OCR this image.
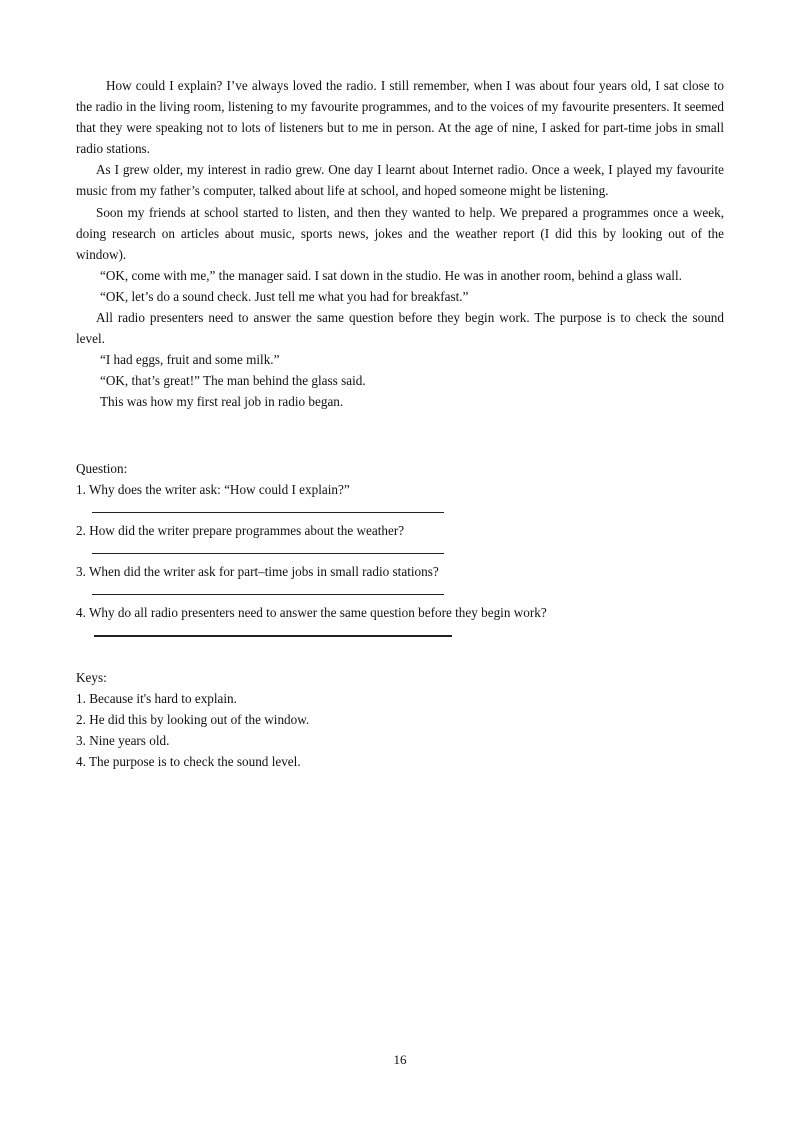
How could I explain? I’ve always loved the radio. I still remember, when I was about four years old, I sat close to the radio in the living room, listening to my favourite programmes, and to the voices of my favourite presenters. It seemed that they were speaking not to lots of listeners but to me in person. At the age of nine, I asked for part-time jobs in small radio stations.

As I grew older, my interest in radio grew. One day I learnt about Internet radio. Once a week, I played my favourite music from my father’s computer, talked about life at school, and hoped someone might be listening.

Soon my friends at school started to listen, and then they wanted to help. We prepared a programmes once a week, doing research on articles about music, sports news, jokes and the weather report (I did this by looking out of the window).

“OK, come with me,” the manager said. I sat down in the studio. He was in another room, behind a glass wall.

“OK, let’s do a sound check. Just tell me what you had for breakfast.”

All radio presenters need to answer the same question before they begin work. The purpose is to check the sound level.

“I had eggs, fruit and some milk.”

“OK, that’s great!” The man behind the glass said.

This was how my first real job in radio began.

Question:
1. Why does the writer ask: “How could I explain?”
2. How did the writer prepare programmes about the weather?
3. When did the writer ask for part–time jobs in small radio stations?
4. Why do all radio presenters need to answer the same question before they begin work?
Keys:
1. Because it's hard to explain.
2. He did this by looking out of the window.
3. Nine years old.
4. The purpose is to check the sound level.
16
